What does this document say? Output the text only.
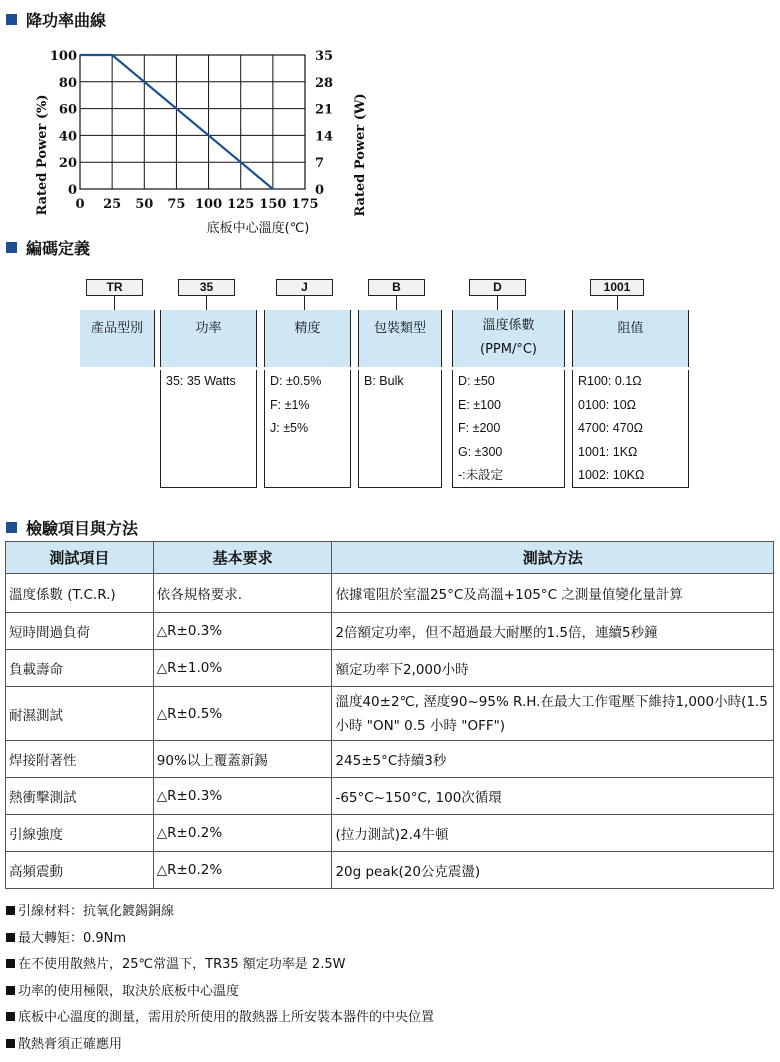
降功率曲線
0	0
20	7
40	14
60	21
80	28
100	35
0 25 50 75 100 125 150 175
Rated Power (%)	Rated Power (W)
底板中心溫度(℃)
編碼定義
TR
產品型別
35
功率
35: 35 Watts
J
精度
D: ±0.5%
F: ±1%
J: ±5%
B
包裝類型
B: Bulk
D
溫度係數
(PPM/°C)
D: ±50
E: ±100
F: ±200
G: ±300
-:未設定
1001
阻值
R100: 0.1Ω
0100: 10Ω
4700: 470Ω
1001: 1KΩ
1002: 10KΩ
檢驗項目與方法
測試項目	基本要求	測試方法
溫度係數 (T.C.R.)	依各規格要求.	依據電阻於室溫25°C及高溫+105°C 之測量值變化量計算
短時間過負荷	△R±0.3%	2倍額定功率，但不超過最大耐壓的1.5倍，連續5秒鐘
負載壽命	△R±1.0%	額定功率下2,000小時
耐濕測試	△R±0.5%	溫度40±2℃, 溼度90~95% R.H.在最大工作電壓下維持1,000小時(1.5小時 "ON" 0.5 小時 "OFF")
焊接附著性	90%以上覆蓋新錫	245±5°C持續3秒
熱衝擊測試	△R±0.3%	-65°C~150°C, 100次循環
引線強度	△R±0.2%	(拉力測試)2.4牛頓
高頻震動	△R±0.2%	20g peak(20公克震盪)
引線材料：抗氧化鍍錫銅線
最大轉矩：0.9Nm
在不使用散熱片，25℃常溫下，TR35 額定功率是 2.5W
功率的使用極限，取決於底板中心溫度
底板中心溫度的測量，需用於所使用的散熱器上所安裝本器件的中央位置
散熱膏須正確應用
